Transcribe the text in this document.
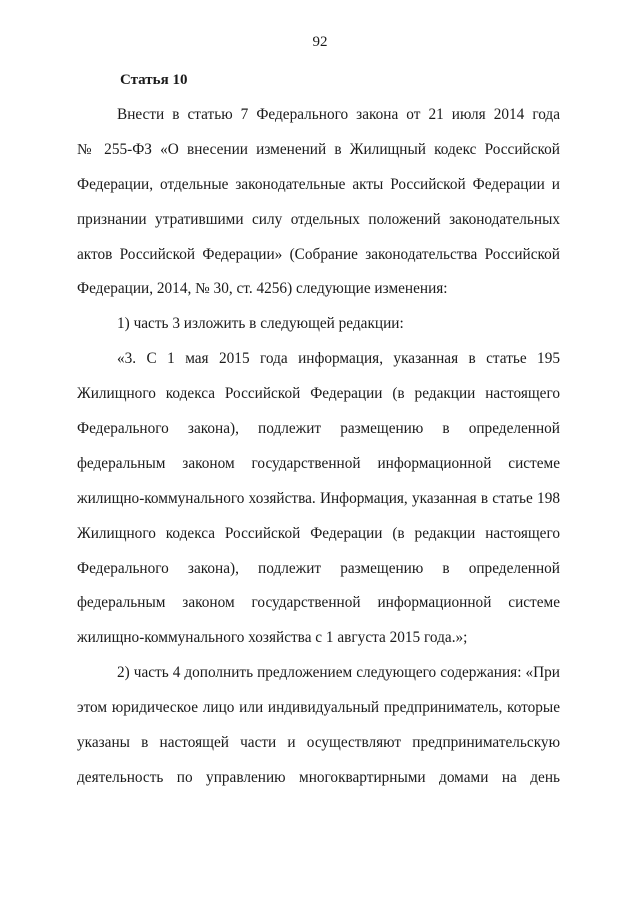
92
Статья 10
Внести в статью 7 Федерального закона от 21 июля 2014 года
№ 255-ФЗ «О внесении изменений в Жилищный кодекс Российской
Федерации, отдельные законодательные акты Российской Федерации и
признании утратившими силу отдельных положений законодательных
актов Российской Федерации» (Собрание законодательства Российской
Федерации, 2014, № 30, ст. 4256) следующие изменения:
1) часть 3 изложить в следующей редакции:
«3. С 1 мая 2015 года информация, указанная в статье 195
Жилищного кодекса Российской Федерации (в редакции настоящего
Федерального закона), подлежит размещению в определенной
федеральным законом государственной информационной системе
жилищно-коммунального хозяйства. Информация, указанная в статье 198
Жилищного кодекса Российской Федерации (в редакции настоящего
Федерального закона), подлежит размещению в определенной
федеральным законом государственной информационной системе
жилищно-коммунального хозяйства с 1 августа 2015 года.»;
2) часть 4 дополнить предложением следующего содержания: «При
этом юридическое лицо или индивидуальный предприниматель, которые
указаны в настоящей части и осуществляют предпринимательскую
деятельность по управлению многоквартирными домами на день
